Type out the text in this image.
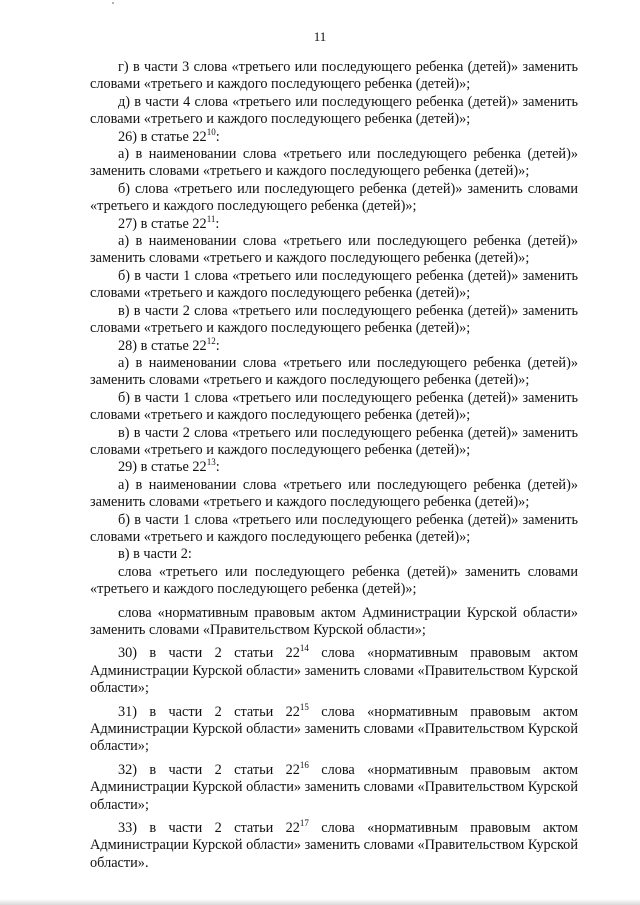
11

г) в части 3 слова «третьего или последующего ребенка (детей)» заменить словами «третьего и каждого последующего ребенка (детей)»;

д) в части 4 слова «третьего или последующего ребенка (детей)» заменить словами «третьего и каждого последующего ребенка (детей)»;

26) в статье $22^{10}$:

а) в наименовании слова «третьего или последующего ребенка (детей)» заменить словами «третьего и каждого последующего ребенка (детей)»;

б) слова «третьего или последующего ребенка (детей)» заменить словами «третьего и каждого последующего ребенка (детей)»;

27) в статье $22^{11}$:

а) в наименовании слова «третьего или последующего ребенка (детей)» заменить словами «третьего и каждого последующего ребенка (детей)»;

б) в части 1 слова «третьего или последующего ребенка (детей)» заменить словами «третьего и каждого последующего ребенка (детей)»;

в) в части 2 слова «третьего или последующего ребенка (детей)» заменить словами «третьего и каждого последующего ребенка (детей)»;

28) в статье $22^{12}$:

а) в наименовании слова «третьего или последующего ребенка (детей)» заменить словами «третьего и каждого последующего ребенка (детей)»;

б) в части 1 слова «третьего или последующего ребенка (детей)» заменить словами «третьего и каждого последующего ребенка (детей)»;

в) в части 2 слова «третьего или последующего ребенка (детей)» заменить словами «третьего и каждого последующего ребенка (детей)»;

29) в статье $22^{13}$:

а) в наименовании слова «третьего или последующего ребенка (детей)» заменить словами «третьего и каждого последующего ребенка (детей)»;

б) в части 1 слова «третьего или последующего ребенка (детей)» заменить словами «третьего и каждого последующего ребенка (детей)»;

в) в части 2:

слова «третьего или последующего ребенка (детей)» заменить словами «третьего и каждого последующего ребенка (детей)»;

слова «нормативным правовым актом Администрации Курской области» заменить словами «Правительством Курской области»;

30) в части 2 статьи $22^{14}$ слова «нормативным правовым актом Администрации Курской области» заменить словами «Правительством Курской области»;

31) в части 2 статьи $22^{15}$ слова «нормативным правовым актом Администрации Курской области» заменить словами «Правительством Курской области»;

32) в части 2 статьи $22^{16}$ слова «нормативным правовым актом Администрации Курской области» заменить словами «Правительством Курской области»;

33) в части 2 статьи $22^{17}$ слова «нормативным правовым актом Администрации Курской области» заменить словами «Правительством Курской области».
